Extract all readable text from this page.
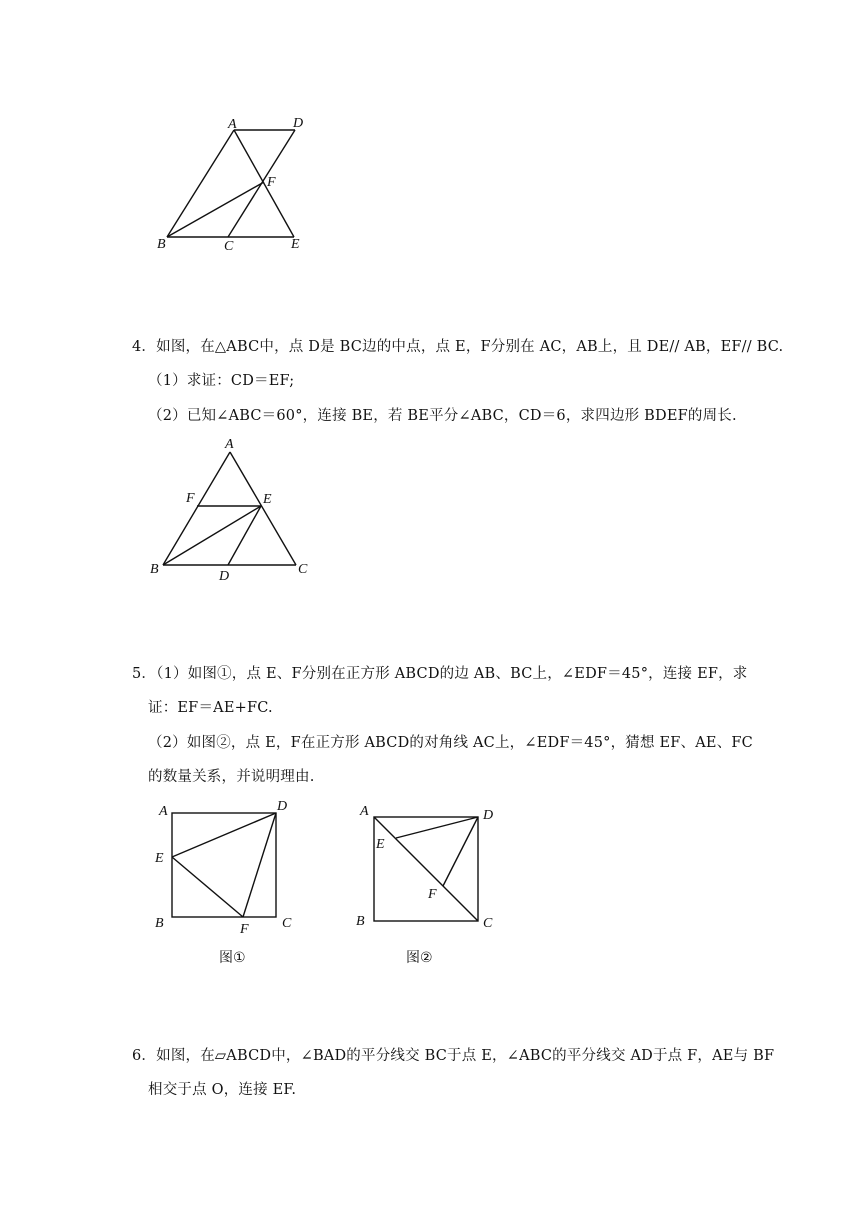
A	D
F
B	C	E
4．如图，在△ABC中，点 D是 BC边的中点，点 E，F分别在 AC，AB上，且 DE// AB，EF// BC.
（1）求证：CD＝EF;
（2）已知∠ABC＝60°，连接 BE，若 BE平分∠ABC，CD＝6，求四边形 BDEF的周长.
A
F	E
B	D	C
5．（1）如图①，点 E、F分别在正方形 ABCD的边 AB、BC上，∠EDF＝45°，连接 EF，求
证：EF＝AE+FC.
（2）如图②，点 E，F在正方形 ABCD的对角线 AC上，∠EDF＝45°，猜想 EF、AE、FC
的数量关系，并说明理由.
A	D
E
B	F C
图①
A	D
E
F
B	C
图②
6．如图，在▱ABCD中，∠BAD的平分线交 BC于点 E，∠ABC的平分线交 AD于点 F，AE与 BF
相交于点 O，连接 EF.
